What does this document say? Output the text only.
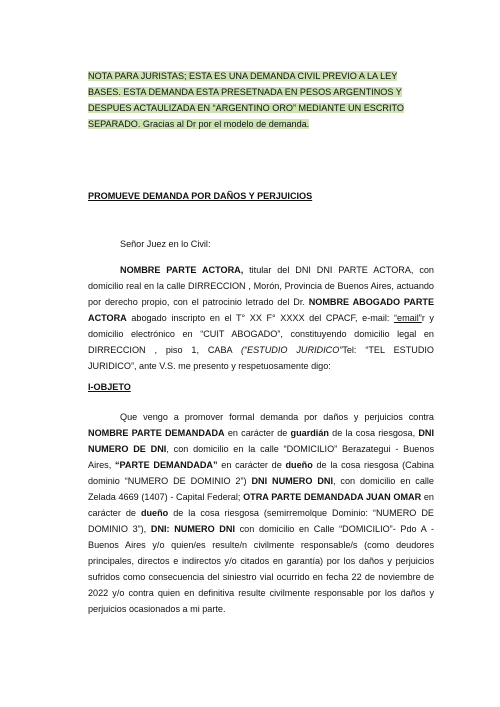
NOTA PARA JURISTAS; ESTA ES UNA DEMANDA CIVIL PREVIO A LA LEY
BASES. ESTA DEMANDA ESTA PRESETNADA EN PESOS ARGENTINOS Y
DESPUES ACTAULIZADA EN “ARGENTINO ORO” MEDIANTE UN ESCRITO
SEPARADO. Gracias al Dr por el modelo de demanda.

PROMUEVE DEMANDA POR DAÑOS Y PERJUICIOS

Señor Juez en lo Civil:

NOMBRE PARTE ACTORA, titular del DNI DNI PARTE ACTORA, con domicilio real en la calle DIRRECCION , Morón, Provincia de Buenos Aires, actuando por derecho propio, con el patrocinio letrado del Dr. NOMBRE ABOGADO PARTE ACTORA abogado inscripto en el T° XX F° XXXX del CPACF, e-mail: “email”r y domicilio electrónico en “CUIT ABOGADO”, constituyendo domicilio legal en DIRRECCION , piso 1, CABA (“ESTUDIO JURIDICO”Tel: “TEL ESTUDIO JURIDICO”, ante V.S. me presento y respetuosamente digo:

I-OBJETO

Que vengo a promover formal demanda por daños y perjuicios contra NOMBRE PARTE DEMANDADA en carácter de guardián de la cosa riesgosa, DNI NUMERO DE DNI, con domicilio en la calle “DOMICILIO” Berazategui - Buenos Aires, “PARTE DEMANDADA” en carácter de dueño de la cosa riesgosa (Cabina dominio “NUMERO DE DOMINIO 2”) DNI NUMERO DNI, con domicilio en calle Zelada 4669 (1407) - Capital Federal; OTRA PARTE DEMANDADA JUAN OMAR en carácter de dueño de la cosa riesgosa (semirremolque Dominio: “NUMERO DE DOMINIO 3”), DNI: NUMERO DNI con domicilio en Calle “DOMICILIO”- Pdo A - Buenos Aires y/o quien/es resulte/n civilmente responsable/s (como deudores principales, directos e indirectos y/o citados en garantía) por los daños y perjuicios sufridos como consecuencia del siniestro vial ocurrido en fecha 22 de noviembre de 2022 y/o contra quien en definitiva resulte civilmente responsable por los daños y perjuicios ocasionados a mi parte.
